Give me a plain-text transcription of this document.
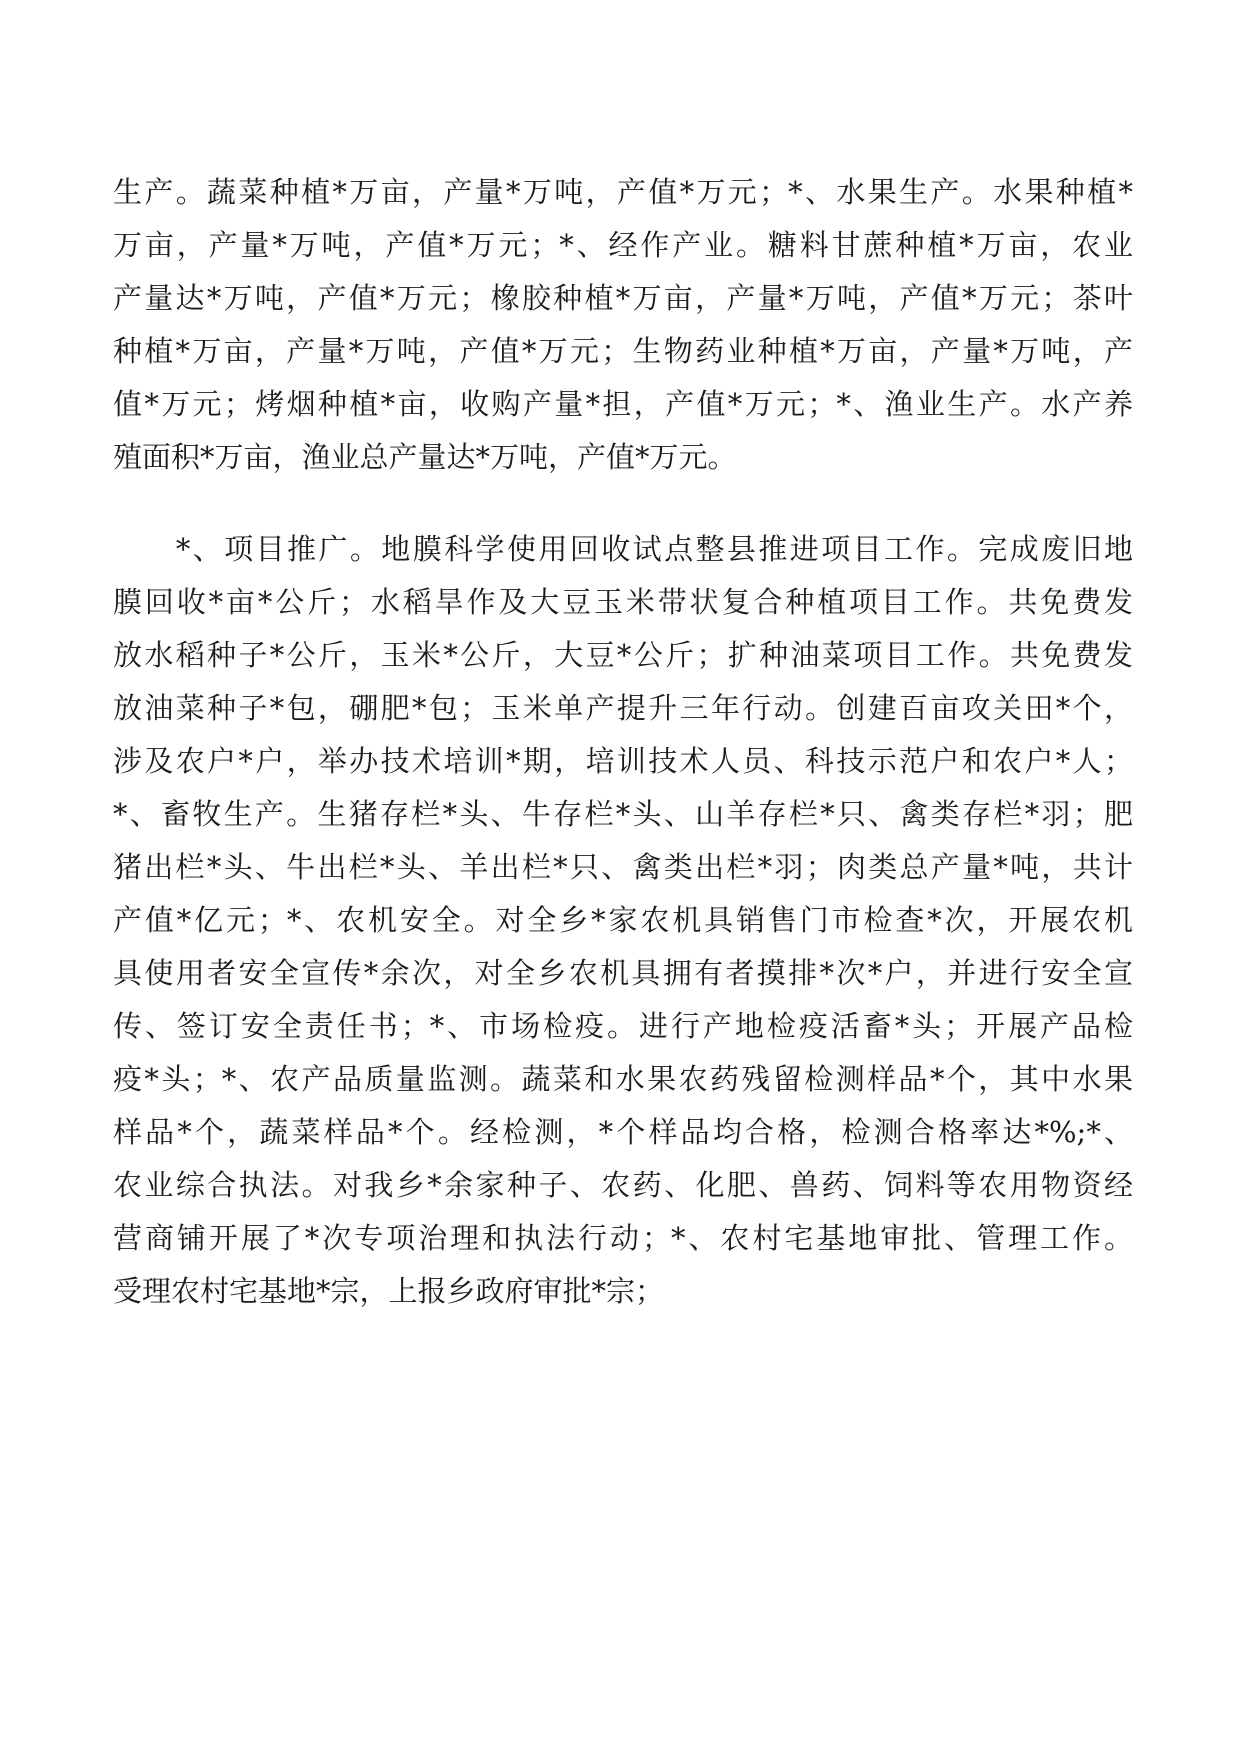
生产。蔬菜种植*万亩，产量*万吨，产值*万元；*、水果生产。水果种植*
万亩，产量*万吨，产值*万元；*、经作产业。糖料甘蔗种植*万亩，农业
产量达*万吨，产值*万元；橡胶种植*万亩，产量*万吨，产值*万元；茶叶
种植*万亩，产量*万吨，产值*万元；生物药业种植*万亩，产量*万吨，产
值*万元；烤烟种植*亩，收购产量*担，产值*万元；*、渔业生产。水产养
殖面积*万亩，渔业总产量达*万吨，产值*万元。
　　*、项目推广。地膜科学使用回收试点整县推进项目工作。完成废旧地
膜回收*亩*公斤；水稻旱作及大豆玉米带状复合种植项目工作。共免费发
放水稻种子*公斤，玉米*公斤，大豆*公斤；扩种油菜项目工作。共免费发
放油菜种子*包，硼肥*包；玉米单产提升三年行动。创建百亩攻关田*个，
涉及农户*户，举办技术培训*期，培训技术人员、科技示范户和农户*人；
*、畜牧生产。生猪存栏*头、牛存栏*头、山羊存栏*只、禽类存栏*羽；肥
猪出栏*头、牛出栏*头、羊出栏*只、禽类出栏*羽；肉类总产量*吨，共计
产值*亿元；*、农机安全。对全乡*家农机具销售门市检查*次，开展农机
具使用者安全宣传*余次，对全乡农机具拥有者摸排*次*户，并进行安全宣
传、签订安全责任书；*、市场检疫。进行产地检疫活畜*头；开展产品检
疫*头；*、农产品质量监测。蔬菜和水果农药残留检测样品*个，其中水果
样品*个，蔬菜样品*个。经检测，*个样品均合格，检测合格率达*%;*、
农业综合执法。对我乡*余家种子、农药、化肥、兽药、饲料等农用物资经
营商铺开展了*次专项治理和执法行动；*、农村宅基地审批、管理工作。
受理农村宅基地*宗，上报乡政府审批*宗；
